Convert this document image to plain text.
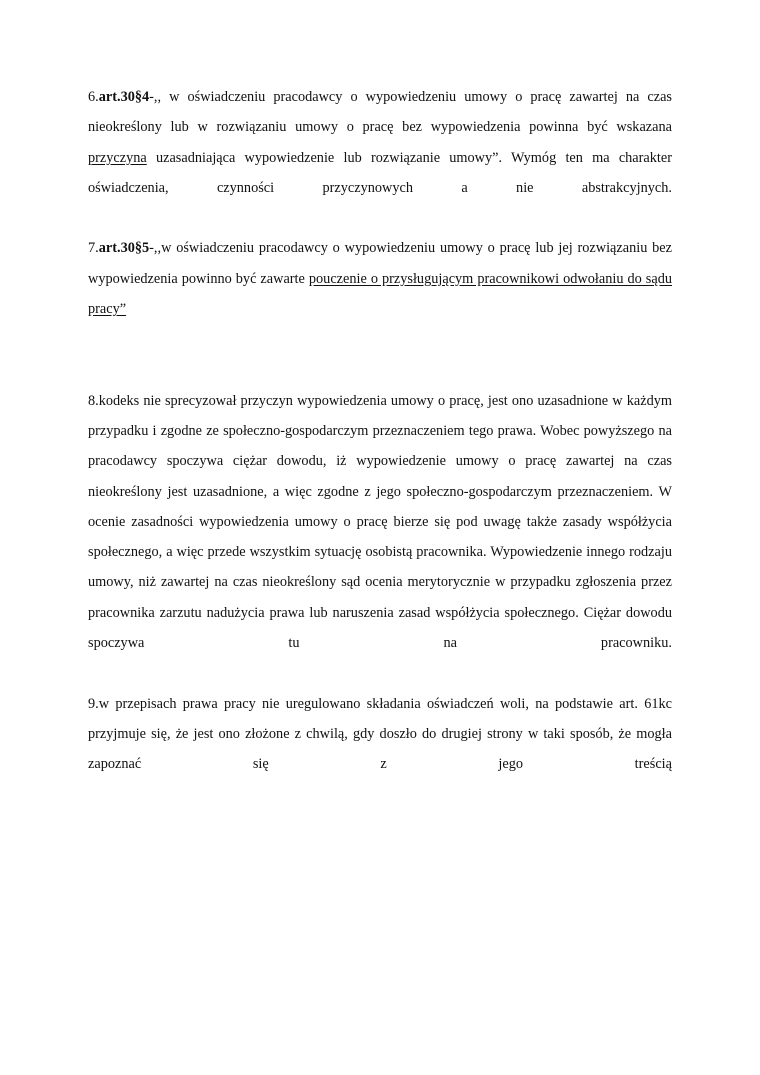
6.art.30§4-,, w oświadczeniu pracodawcy o wypowiedzeniu umowy o pracę zawartej na czas nieokreślony lub w rozwiązaniu umowy o pracę bez wypowiedzenia powinna być wskazana przyczyna uzasadniająca wypowiedzenie lub rozwiązanie umowy”. Wymóg ten ma charakter oświadczenia, czynności przyczynowych a nie abstrakcyjnych.

7.art.30§5-,,w oświadczeniu pracodawcy o wypowiedzeniu umowy o pracę lub jej rozwiązaniu bez wypowiedzenia powinno być zawarte pouczenie o przysługującym pracownikowi odwołaniu do sądu pracy”

8.kodeks nie sprecyzował przyczyn wypowiedzenia umowy o pracę, jest ono uzasadnione w każdym przypadku i zgodne ze społeczno-gospodarczym przeznaczeniem tego prawa. Wobec powyższego na pracodawcy spoczywa ciężar dowodu, iż wypowiedzenie umowy o pracę zawartej na czas nieokreślony jest uzasadnione, a więc zgodne z jego społeczno-gospodarczym przeznaczeniem. W ocenie zasadności wypowiedzenia umowy o pracę bierze się pod uwagę także zasady współżycia społecznego, a więc przede wszystkim sytuację osobistą pracownika. Wypowiedzenie innego rodzaju umowy, niż zawartej na czas nieokreślony sąd ocenia merytorycznie w przypadku zgłoszenia przez pracownika zarzutu nadużycia prawa lub naruszenia zasad współżycia społecznego. Ciężar dowodu spoczywa tu na pracowniku.

9.w przepisach prawa pracy nie uregulowano składania oświadczeń woli, na podstawie art. 61kc przyjmuje się, że jest ono złożone z chwilą, gdy doszło do drugiej strony w taki sposób, że mogła zapoznać się z jego treścią
